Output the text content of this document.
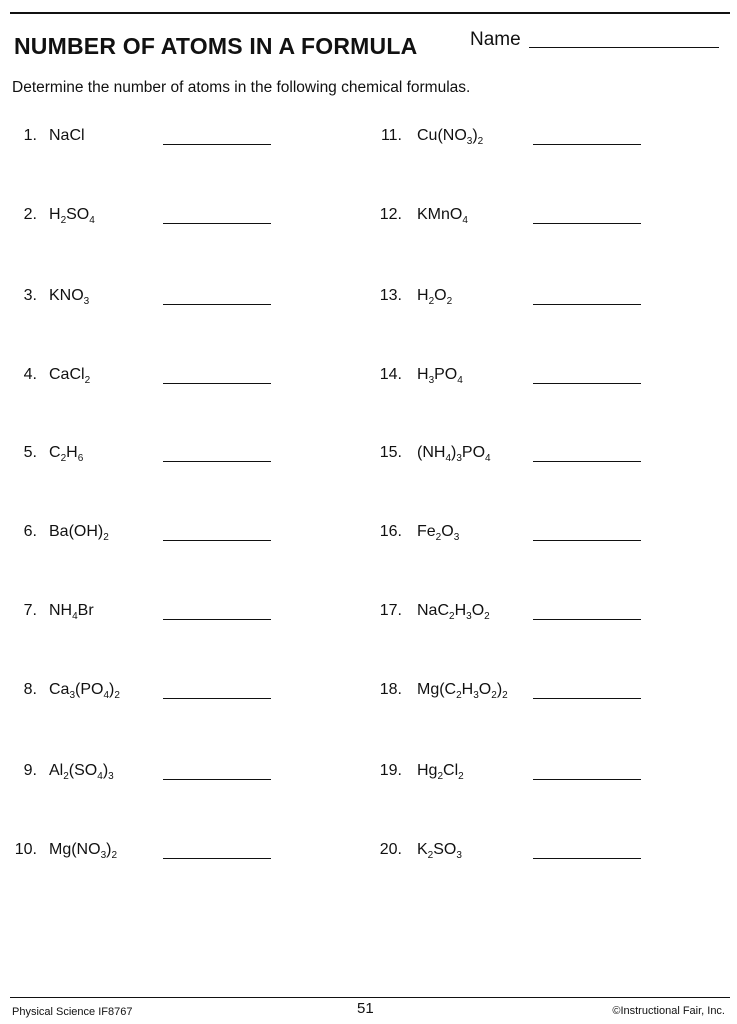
NUMBER OF ATOMS IN A FORMULA	Name
Determine the number of atoms in the following chemical formulas.
1. NaCl
2. $H_2SO_4$
3. $KNO_3$
4. CaCl$_2$
5. $C_2H_6$
6. $Ba(OH)_2$
7. $NH_4Br$
8. $Ca_3(PO_4)_2$
9. $Al_2(SO_4)_3$
10. $Mg(NO_3)_2$
11. $Cu(NO_3)_2$
12. KMnO$_4$
13. $H_2O_2$
14. $H_3PO_4$
15. $(NH_4)_3PO_4$
16. $Fe_2O_3$
17. $NaC_2H_3O_2$
18. $Mg(C_2H_3O_2)_2$
19. $Hg_2Cl_2$
20. $K_2SO_3$
Physical Science IF8767	51	©Instructional Fair, Inc.
